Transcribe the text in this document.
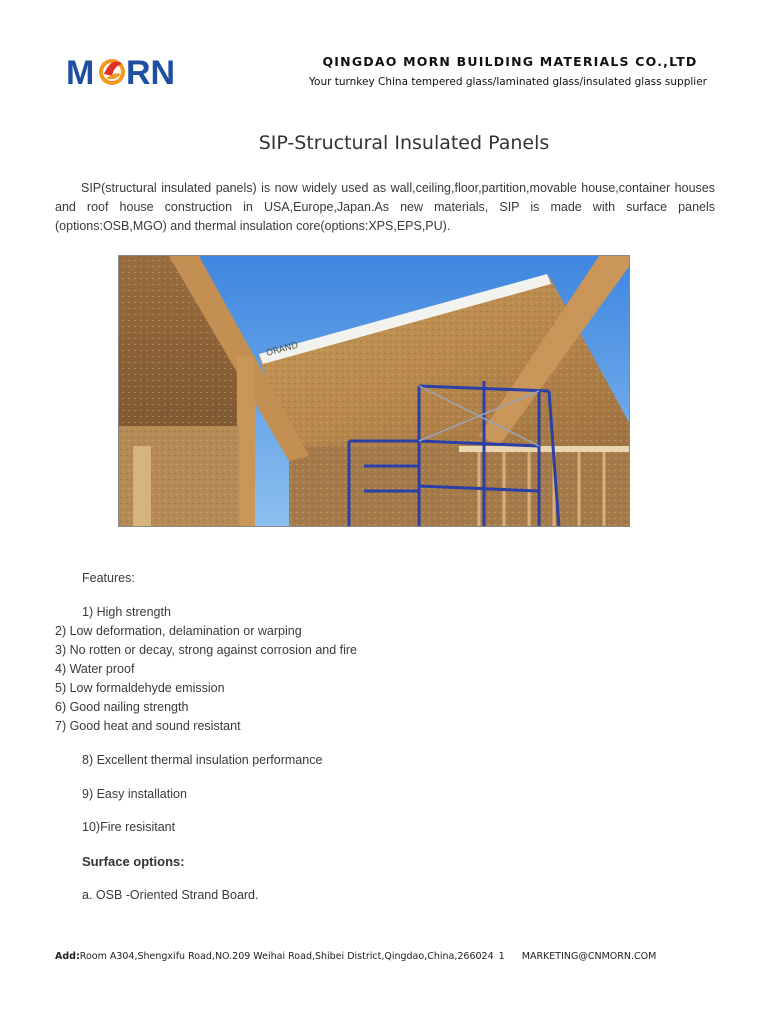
M RN	QINGDAO MORN BUILDING MATERIALS CO.,LTD
Your turnkey China tempered glass/laminated glass/insulated glass supplier
SIP-Structural Insulated Panels
SIP(structural insulated panels) is now widely used as wall,ceiling,floor,partition,movable house,container houses and roof house construction in USA,Europe,Japan.As new materials, SIP is made with surface panels (options:OSB,MGO) and thermal insulation core(options:XPS,EPS,PU).
ORAND
Features:
1) High strength
2) Low deformation, delamination or warping
3) No rotten or decay, strong against corrosion and fire
4) Water proof
5) Low formaldehyde emission
6) Good nailing strength
7) Good heat and sound resistant
8) Excellent thermal insulation performance
9) Easy installation
10)Fire resisitant
Surface options:
a. OSB -Oriented Strand Board.
Add:Room A304,Shengxifu Road,NO.209 Weihai Road,Shibei District,Qingdao,China,266024 1 MARKETING@CNMORN.COM
